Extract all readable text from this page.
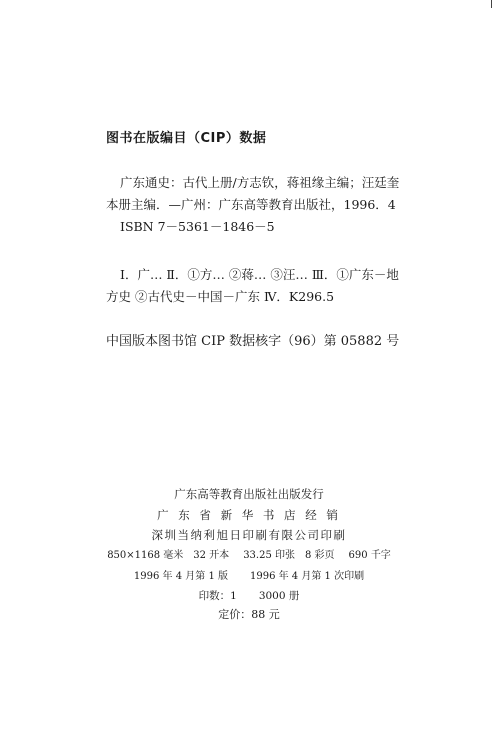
图书在版编目（CIP）数据
广东通史：古代上册/方志钦，蒋祖缘主编；汪廷奎
本册主编．—广州：广东高等教育出版社，1996．4
ISBN 7－5361－1846－5
Ⅰ．广… Ⅱ．①方… ②蒋… ③汪… Ⅲ．①广东－地
方史 ②古代史－中国－广东 Ⅳ．K296.5
中国版本图书馆 CIP 数据核字（96）第 05882 号
广东高等教育出版社出版发行
广 东 省 新 华 书 店 经 销
深圳当纳利旭日印刷有限公司印刷
850×1168 毫米 32 开本 33.25 印张 8 彩页 690 千字
1996 年 4 月第 1 版 1996 年 4 月第 1 次印刷
印数：1 3000 册
定价：88 元
